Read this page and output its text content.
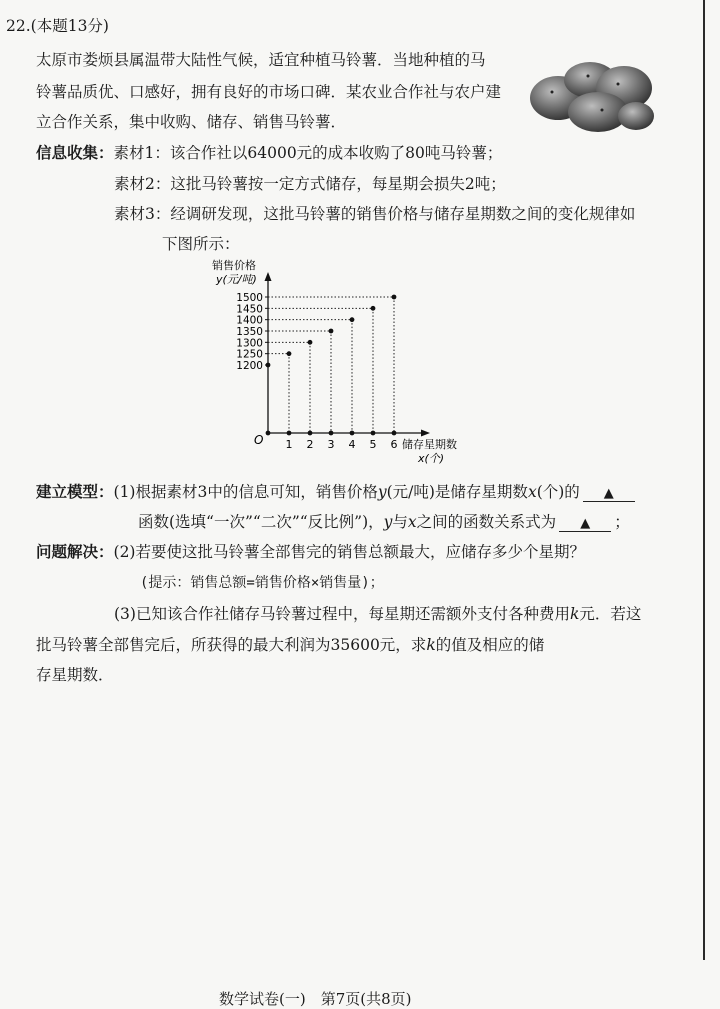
22.(本题13分)
太原市娄烦县属温带大陆性气候，适宜种植马铃薯．当地种植的马
铃薯品质优、口感好，拥有良好的市场口碑．某农业合作社与农户建
立合作关系，集中收购、储存、销售马铃薯．
信息收集：素材1：该合作社以64000元的成本收购了80吨马铃薯；
素材2：这批马铃薯按一定方式储存，每星期会损失2吨；
素材3：经调研发现，这批马铃薯的销售价格与储存星期数之间的变化规律如
下图所示：
销售价格
y(元/吨)
O	储存星期数
x(个)
1500
1450
1400
1350
1300
1250
1200
1 2 3 4 5 6
建立模型：(1)根据素材3中的信息可知，销售价格y(元/吨)是储存星期数x(个)的 ▲
函数(选填“一次”“二次”“反比例”)，y与x之间的函数关系式为 ▲ ；
问题解决：(2)若要使这批马铃薯全部售完的销售总额最大，应储存多少个星期？
(提示：销售总额=销售价格×销售量)；
(3)已知该合作社储存马铃薯过程中，每星期还需额外支付各种费用k元．若这
批马铃薯全部售完后，所获得的最大利润为35600元，求k的值及相应的储
存星期数．
数学试卷(一)　第7页(共8页)
